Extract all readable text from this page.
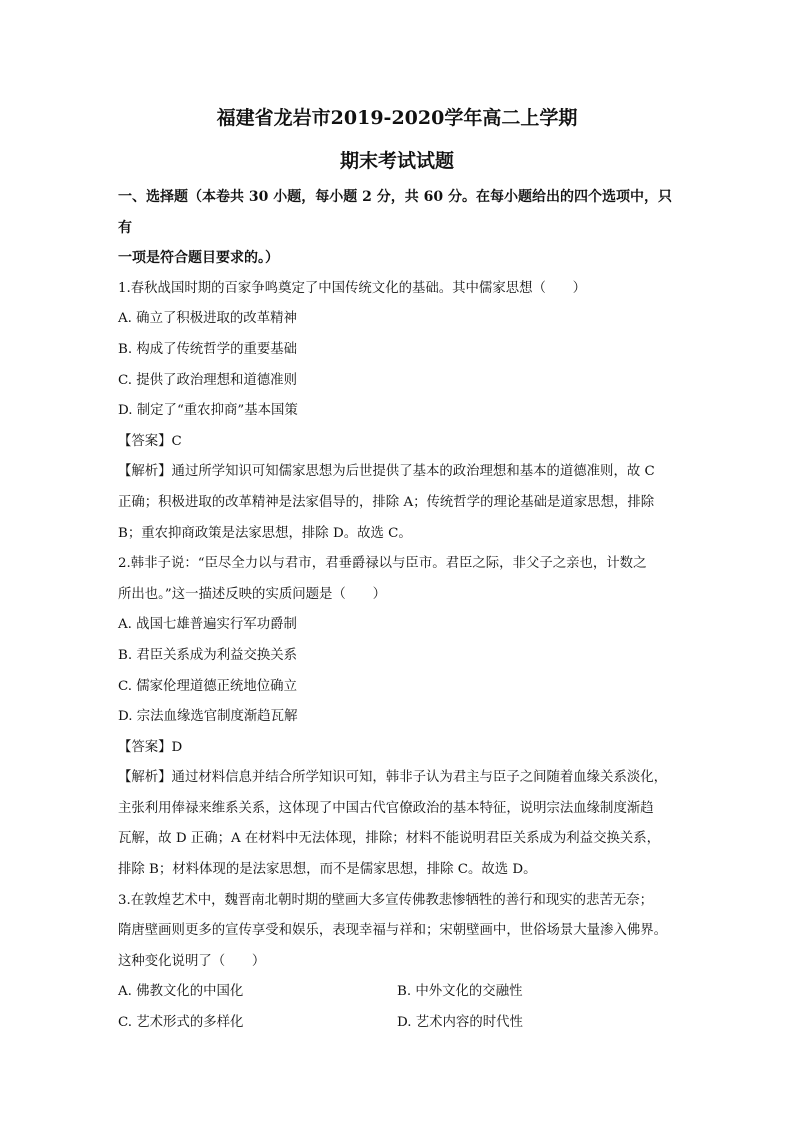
福建省龙岩市2019-2020学年高二上学期
期末考试试题

一、选择题（本卷共 30 小题，每小题 2 分，共 60 分。在每小题给出的四个选项中，只有

一项是符合题目要求的。）

1.春秋战国时期的百家争鸣奠定了中国传统文化的基础。其中儒家思想（　　）

A. 确立了积极进取的改革精神

B. 构成了传统哲学的重要基础

C. 提供了政治理想和道德准则

D. 制定了“重农抑商”基本国策

【答案】C

【解析】通过所学知识可知儒家思想为后世提供了基本的政治理想和基本的道德准则，故 C

正确；积极进取的改革精神是法家倡导的，排除 A；传统哲学的理论基础是道家思想，排除

B；重农抑商政策是法家思想，排除 D。故选 C。

2.韩非子说：“臣尽全力以与君市，君垂爵禄以与臣市。君臣之际，非父子之亲也，计数之

所出也。”这一描述反映的实质问题是（　　）

A. 战国七雄普遍实行军功爵制

B. 君臣关系成为利益交换关系

C. 儒家伦理道德正统地位确立

D. 宗法血缘选官制度渐趋瓦解

【答案】D

【解析】通过材料信息并结合所学知识可知，韩非子认为君主与臣子之间随着血缘关系淡化，

主张利用俸禄来维系关系，这体现了中国古代官僚政治的基本特征，说明宗法血缘制度渐趋

瓦解，故 D 正确；A 在材料中无法体现，排除；材料不能说明君臣关系成为利益交换关系，

排除 B；材料体现的是法家思想，而不是儒家思想，排除 C。故选 D。

3.在敦煌艺术中，魏晋南北朝时期的壁画大多宣传佛教悲惨牺牲的善行和现实的悲苦无奈；

隋唐壁画则更多的宣传享受和娱乐，表现幸福与祥和；宋朝壁画中，世俗场景大量渗入佛界。

这种变化说明了（　　）

A. 佛教文化的中国化	B. 中外文化的交融性

C. 艺术形式的多样化	D. 艺术内容的时代性
